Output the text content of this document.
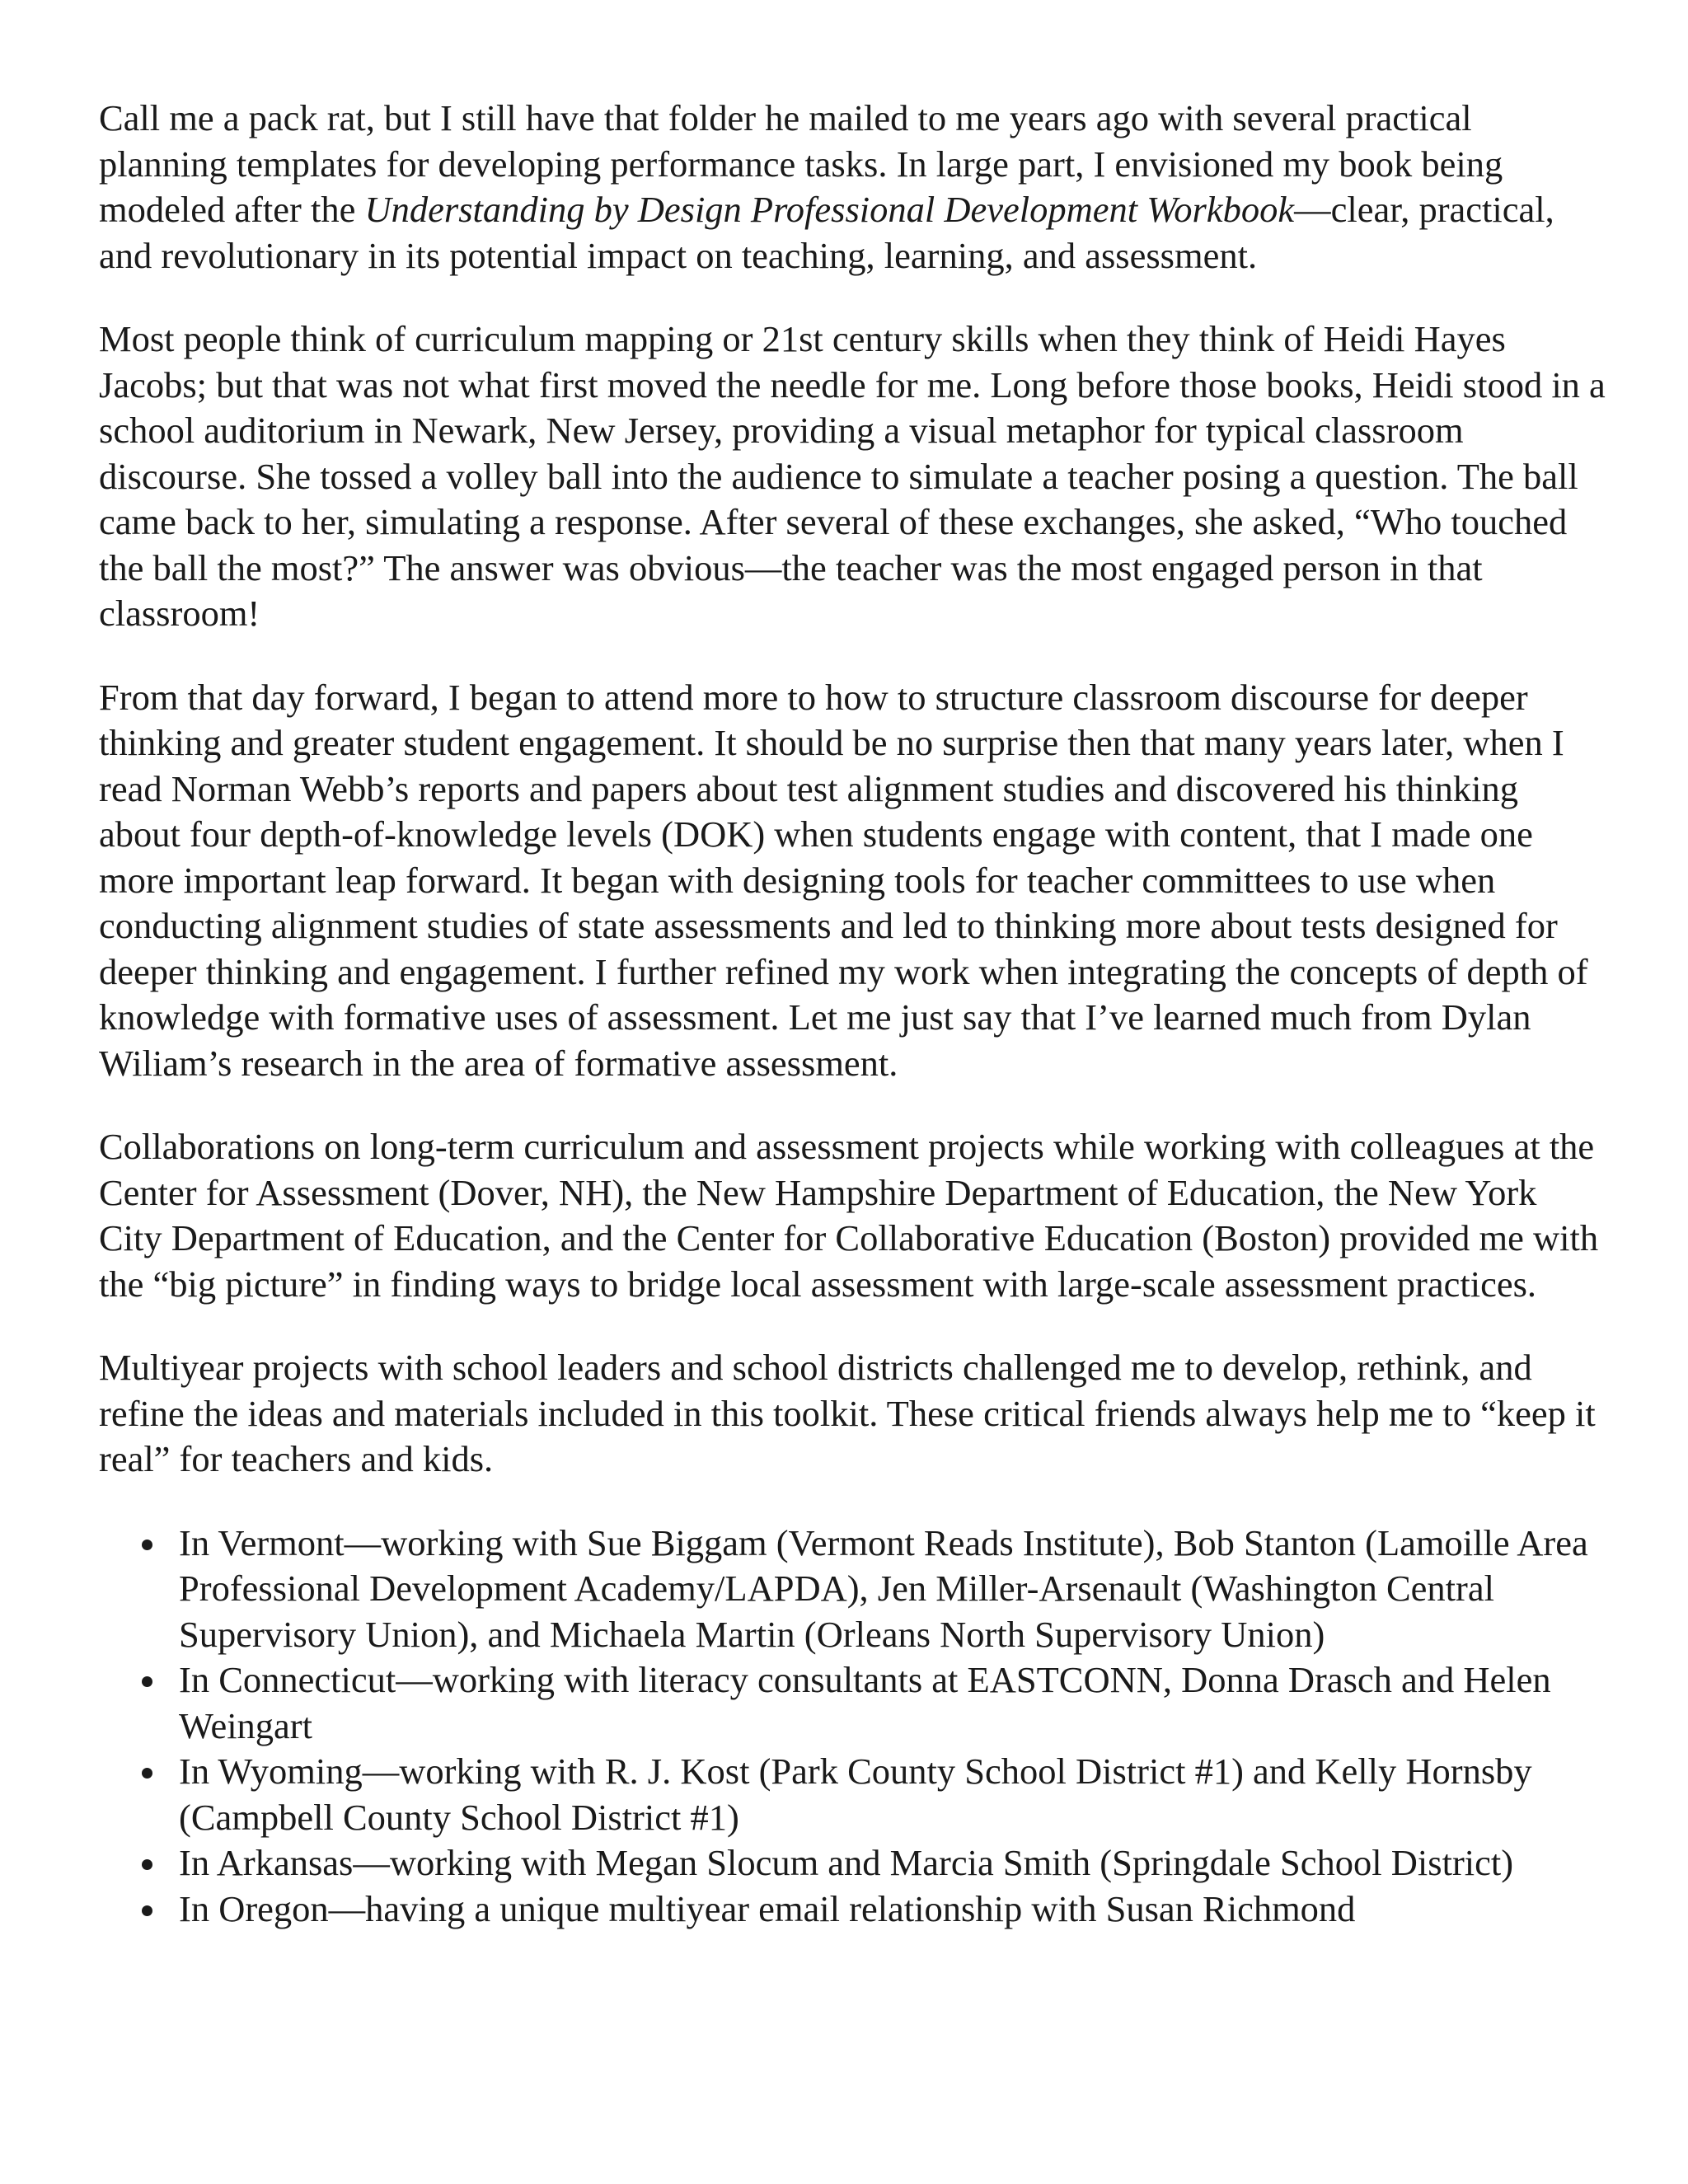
Call me a pack rat, but I still have that folder he mailed to me years ago with several practical planning templates for developing performance tasks. In large part, I envisioned my book being modeled after the Understanding by Design Professional Development Workbook—clear, practical, and revolutionary in its potential impact on teaching, learning, and assessment.

Most people think of curriculum mapping or 21st century skills when they think of Heidi Hayes Jacobs; but that was not what first moved the needle for me. Long before those books, Heidi stood in a school auditorium in Newark, New Jersey, providing a visual metaphor for typical classroom discourse. She tossed a volley ball into the audience to simulate a teacher posing a question. The ball came back to her, simulating a response. After several of these exchanges, she asked, “Who touched the ball the most?” The answer was obvious—the teacher was the most engaged person in that classroom!

From that day forward, I began to attend more to how to structure classroom discourse for deeper thinking and greater student engagement. It should be no surprise then that many years later, when I read Norman Webb’s reports and papers about test alignment studies and discovered his thinking about four depth-of-knowledge levels (DOK) when students engage with content, that I made one more important leap forward. It began with designing tools for teacher committees to use when conducting alignment studies of state assessments and led to thinking more about tests designed for deeper thinking and engagement. I further refined my work when integrating the concepts of depth of knowledge with formative uses of assessment. Let me just say that I’ve learned much from Dylan Wiliam’s research in the area of formative assessment.

Collaborations on long-term curriculum and assessment projects while working with colleagues at the Center for Assessment (Dover, NH), the New Hampshire Department of Education, the New York City Department of Education, and the Center for Collaborative Education (Boston) provided me with the “big picture” in finding ways to bridge local assessment with large-scale assessment practices.

Multiyear projects with school leaders and school districts challenged me to develop, rethink, and refine the ideas and materials included in this toolkit. These critical friends always help me to “keep it real” for teachers and kids.

In Vermont—working with Sue Biggam (Vermont Reads Institute), Bob Stanton (Lamoille Area Professional Development Academy/LAPDA), Jen Miller-Arsenault (Washington Central Supervisory Union), and Michaela Martin (Orleans North Supervisory Union)
In Connecticut—working with literacy consultants at EASTCONN, Donna Drasch and Helen Weingart
In Wyoming—working with R. J. Kost (Park County School District #1) and Kelly Hornsby (Campbell County School District #1)
In Arkansas—working with Megan Slocum and Marcia Smith (Springdale School District)
In Oregon—having a unique multiyear email relationship with Susan Richmond
